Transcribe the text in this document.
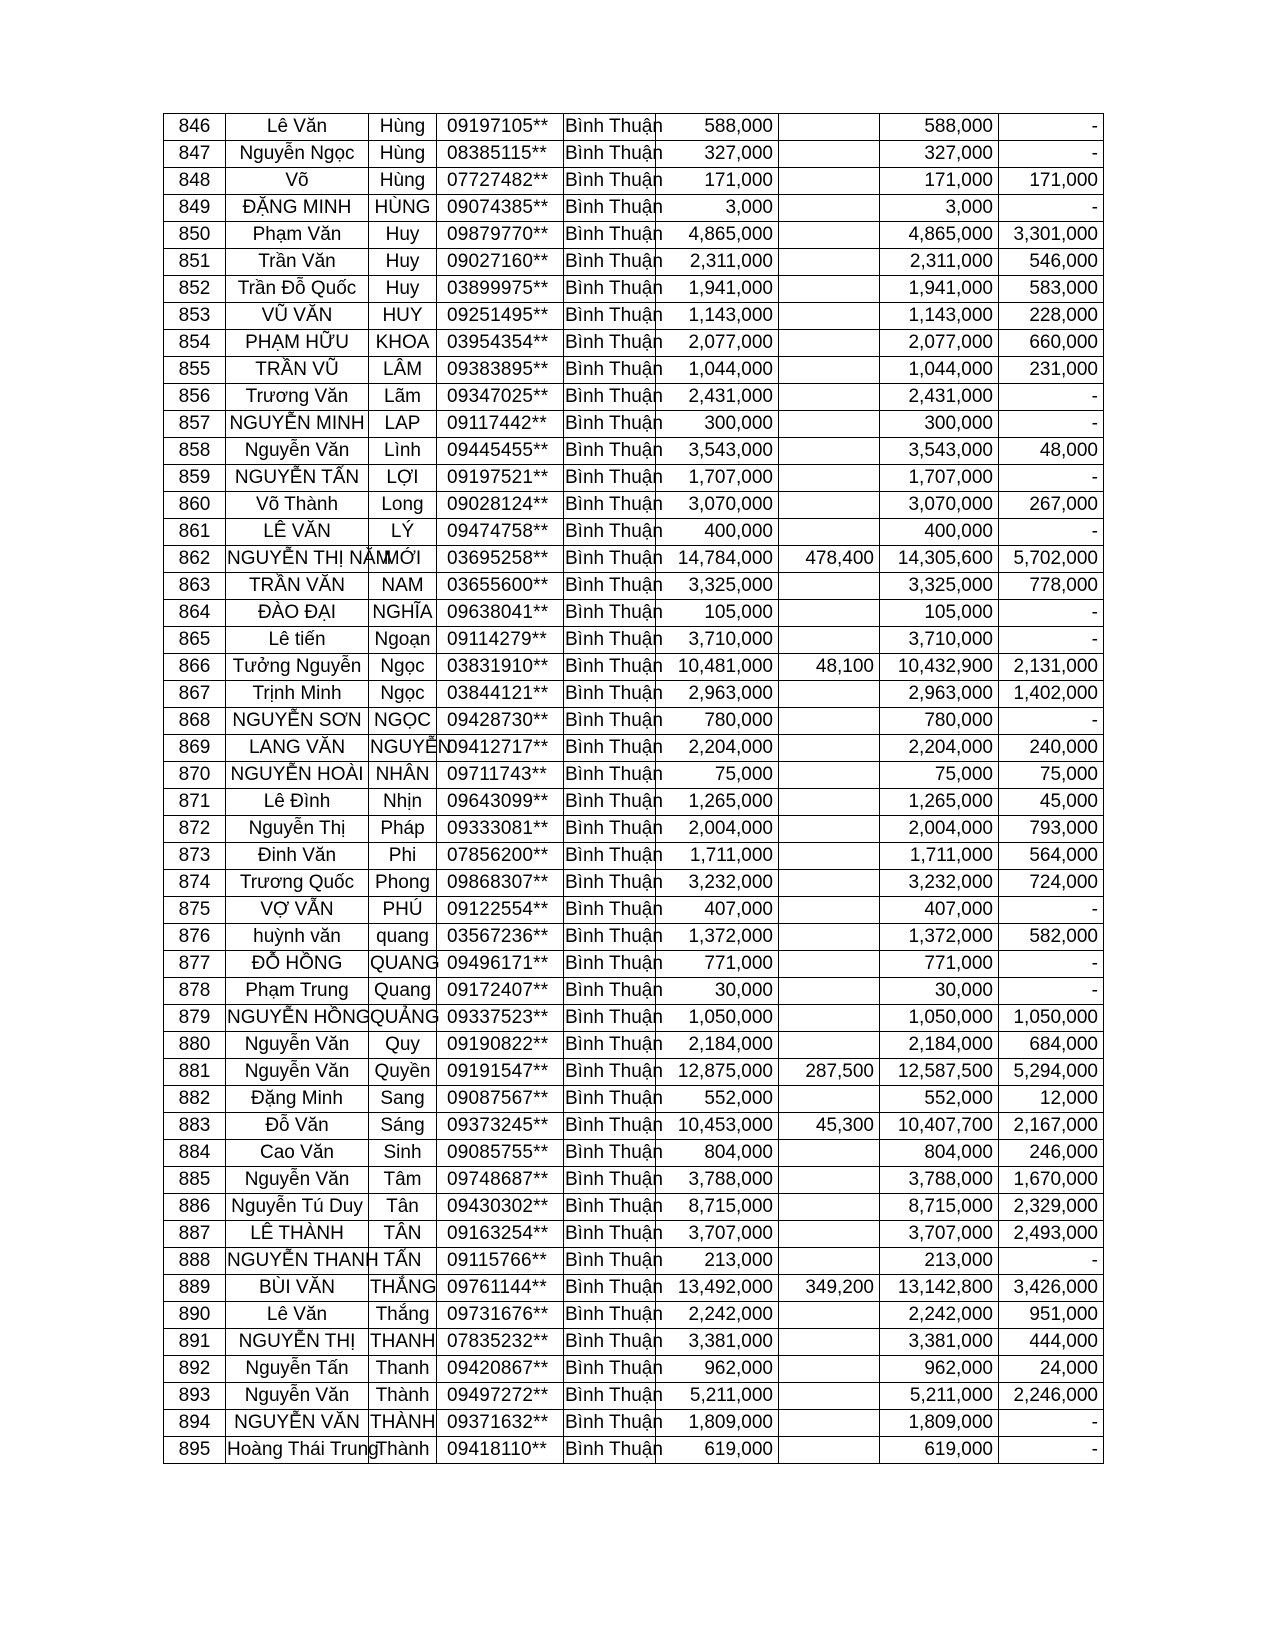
846	Lê Văn	Hùng	09197105**	Bình Thuận	588,000		588,000	-
847	Nguyễn Ngọc	Hùng	08385115**	Bình Thuận	327,000		327,000	-
848	Võ	Hùng	07727482**	Bình Thuận	171,000		171,000	171,000
849	ĐẶNG MINH	HÙNG	09074385**	Bình Thuận	3,000		3,000	-
850	Phạm Văn	Huy	09879770**	Bình Thuận	4,865,000		4,865,000	3,301,000
851	Trần Văn	Huy	09027160**	Bình Thuận	2,311,000		2,311,000	546,000
852	Trần Đỗ Quốc	Huy	03899975**	Bình Thuận	1,941,000		1,941,000	583,000
853	VŨ VĂN	HUY	09251495**	Bình Thuận	1,143,000		1,143,000	228,000
854	PHẠM HỮU	KHOA	03954354**	Bình Thuận	2,077,000		2,077,000	660,000
855	TRẦN VŨ	LÂM	09383895**	Bình Thuận	1,044,000		1,044,000	231,000
856	Trương Văn	Lãm	09347025**	Bình Thuận	2,431,000		2,431,000	-
857	NGUYỄN MINH	LAP	09117442**	Bình Thuận	300,000		300,000	-
858	Nguyễn Văn	Lình	09445455**	Bình Thuận	3,543,000		3,543,000	48,000
859	NGUYỄN TẤN	LỢI	09197521**	Bình Thuận	1,707,000		1,707,000	-
860	Võ Thành	Long	09028124**	Bình Thuận	3,070,000		3,070,000	267,000
861	LÊ VĂN	LÝ	09474758**	Bình Thuận	400,000		400,000	-
862	NGUYỄN THỊ NĂM	MỚI	03695258**	Bình Thuận	14,784,000	478,400	14,305,600	5,702,000
863	TRẦN VĂN	NAM	03655600**	Bình Thuận	3,325,000		3,325,000	778,000
864	ĐÀO ĐẠI	NGHĨA	09638041**	Bình Thuận	105,000		105,000	-
865	Lê tiến	Ngoạn	09114279**	Bình Thuận	3,710,000		3,710,000	-
866	Tưởng Nguyễn	Ngọc	03831910**	Bình Thuận	10,481,000	48,100	10,432,900	2,131,000
867	Trịnh Minh	Ngọc	03844121**	Bình Thuận	2,963,000		2,963,000	1,402,000
868	NGUYỄN SƠN	NGỌC	09428730**	Bình Thuận	780,000		780,000	-
869	LANG VĂN	NGUYỄN	09412717**	Bình Thuận	2,204,000		2,204,000	240,000
870	NGUYỄN HOÀI	NHÂN	09711743**	Bình Thuận	75,000		75,000	75,000
871	Lê Đình	Nhịn	09643099**	Bình Thuận	1,265,000		1,265,000	45,000
872	Nguyễn Thị	Pháp	09333081**	Bình Thuận	2,004,000		2,004,000	793,000
873	Đinh Văn	Phi	07856200**	Bình Thuận	1,711,000		1,711,000	564,000
874	Trương Quốc	Phong	09868307**	Bình Thuận	3,232,000		3,232,000	724,000
875	VỢ VẪN	PHÚ	09122554**	Bình Thuận	407,000		407,000	-
876	huỳnh văn	quang	03567236**	Bình Thuận	1,372,000		1,372,000	582,000
877	ĐỖ HỒNG	QUANG	09496171**	Bình Thuận	771,000		771,000	-
878	Phạm Trung	Quang	09172407**	Bình Thuận	30,000		30,000	-
879	NGUYỄN HỒNG	QUẢNG	09337523**	Bình Thuận	1,050,000		1,050,000	1,050,000
880	Nguyễn Văn	Quy	09190822**	Bình Thuận	2,184,000		2,184,000	684,000
881	Nguyễn Văn	Quyền	09191547**	Bình Thuận	12,875,000	287,500	12,587,500	5,294,000
882	Đặng Minh	Sang	09087567**	Bình Thuận	552,000		552,000	12,000
883	Đỗ Văn	Sáng	09373245**	Bình Thuận	10,453,000	45,300	10,407,700	2,167,000
884	Cao Văn	Sinh	09085755**	Bình Thuận	804,000		804,000	246,000
885	Nguyễn Văn	Tâm	09748687**	Bình Thuận	3,788,000		3,788,000	1,670,000
886	Nguyễn Tú Duy	Tân	09430302**	Bình Thuận	8,715,000		8,715,000	2,329,000
887	LÊ THÀNH	TÂN	09163254**	Bình Thuận	3,707,000		3,707,000	2,493,000
888	NGUYỄN THANH	TẤN	09115766**	Bình Thuận	213,000		213,000	-
889	BÙI VĂN	THẮNG	09761144**	Bình Thuận	13,492,000	349,200	13,142,800	3,426,000
890	Lê Văn	Thắng	09731676**	Bình Thuận	2,242,000		2,242,000	951,000
891	NGUYỄN THỊ	THANH	07835232**	Bình Thuận	3,381,000		3,381,000	444,000
892	Nguyễn Tấn	Thanh	09420867**	Bình Thuận	962,000		962,000	24,000
893	Nguyễn Văn	Thành	09497272**	Bình Thuận	5,211,000		5,211,000	2,246,000
894	NGUYỄN VĂN	THÀNH	09371632**	Bình Thuận	1,809,000		1,809,000	-
895	Hoàng Thái Trung	Thành	09418110**	Bình Thuận	619,000		619,000	-
